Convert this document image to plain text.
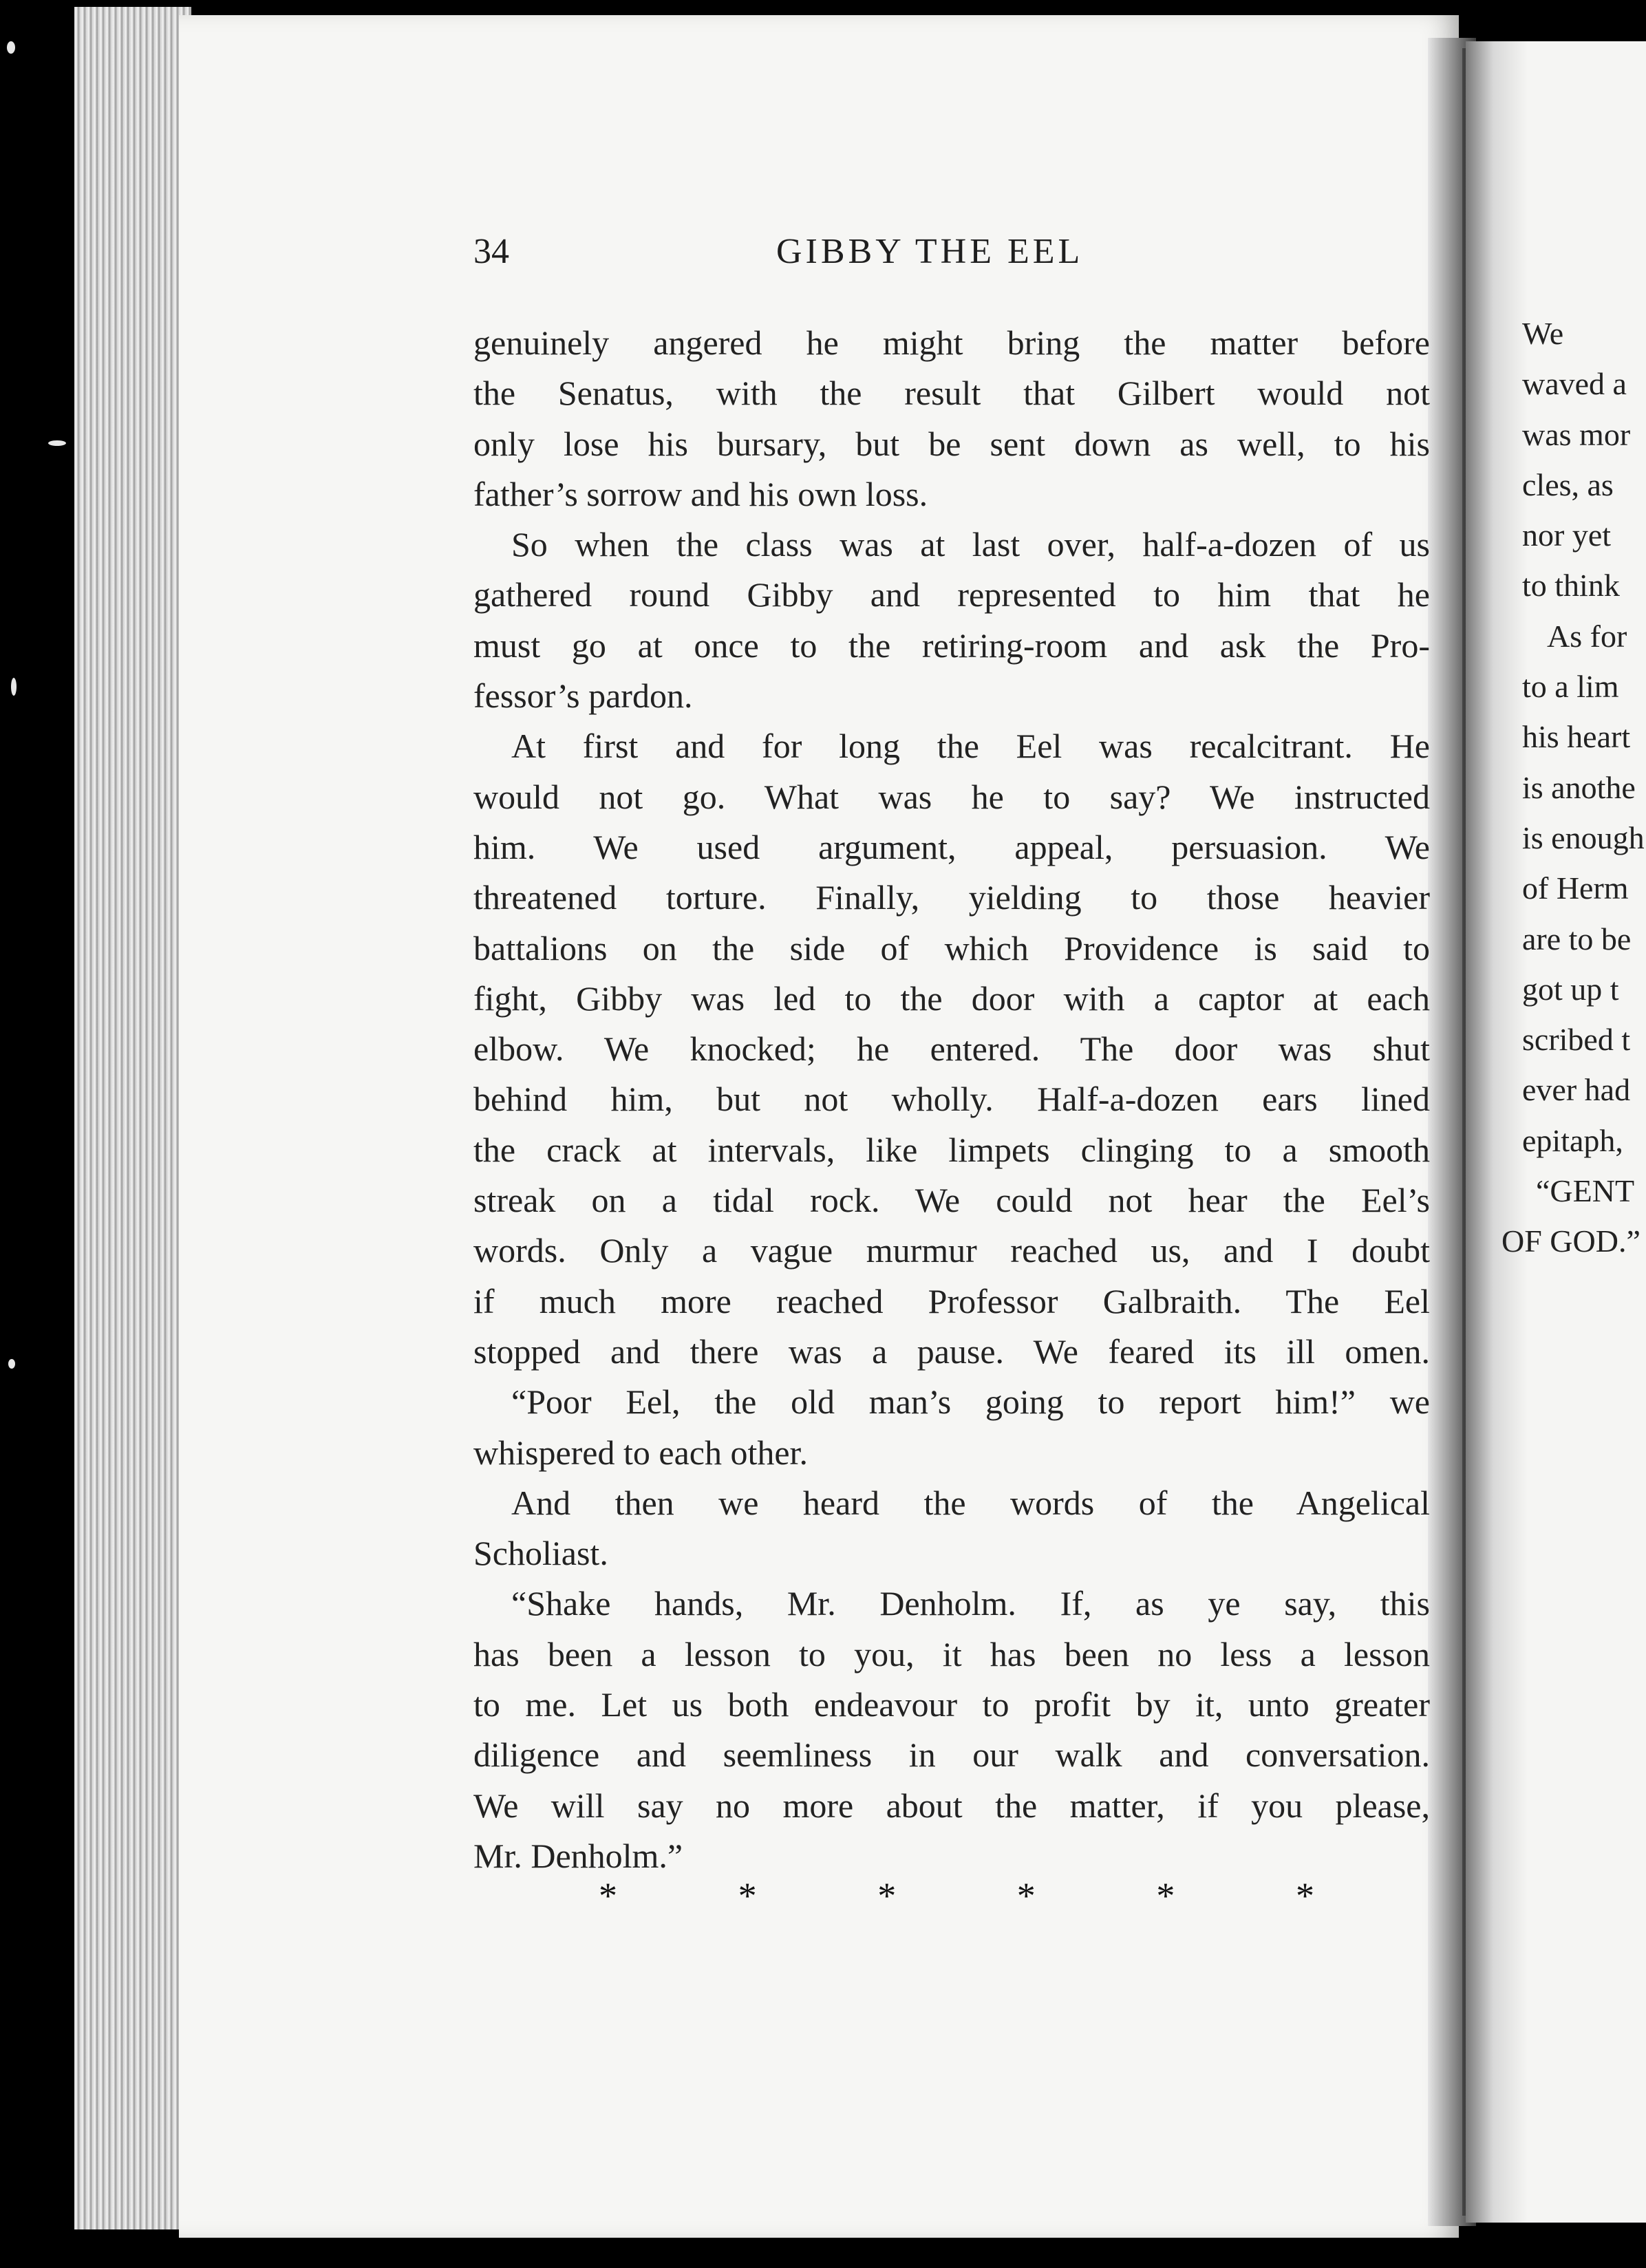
34	GIBBY THE EEL
genuinely angered he might bring the matter before
the Senatus, with the result that Gilbert would not
only lose his bursary, but be sent down as well, to his
father’s sorrow and his own loss.
So when the class was at last over, half-a-dozen of us
gathered round Gibby and represented to him that he
must go at once to the retiring-room and ask the Pro-
fessor’s pardon.
At first and for long the Eel was recalcitrant. He
would not go. What was he to say? We instructed
him. We used argument, appeal, persuasion. We
threatened torture. Finally, yielding to those heavier
battalions on the side of which Providence is said to
fight, Gibby was led to the door with a captor at each
elbow. We knocked; he entered. The door was shut
behind him, but not wholly. Half-a-dozen ears lined
the crack at intervals, like limpets clinging to a smooth
streak on a tidal rock. We could not hear the Eel’s
words. Only a vague murmur reached us, and I doubt
if much more reached Professor Galbraith. The Eel
stopped and there was a pause. We feared its ill omen.
“Poor Eel, the old man’s going to report him!” we
whispered to each other.
And then we heard the words of the Angelical
Scholiast.
“Shake hands, Mr. Denholm. If, as ye say, this
has been a lesson to you, it has been no less a lesson
to me. Let us both endeavour to profit by it, unto greater
diligence and seemliness in our walk and conversation.
We will say no more about the matter, if you please,
Mr. Denholm.”
*	*	*	*	*	*
We
waved a
was mor
cles, as
nor yet
to think
As for
to a lim
his heart
is anothe
is enough
of Herm
are to be
got up t
scribed t
ever had
epitaph,
“GENT
OF GOD.”
